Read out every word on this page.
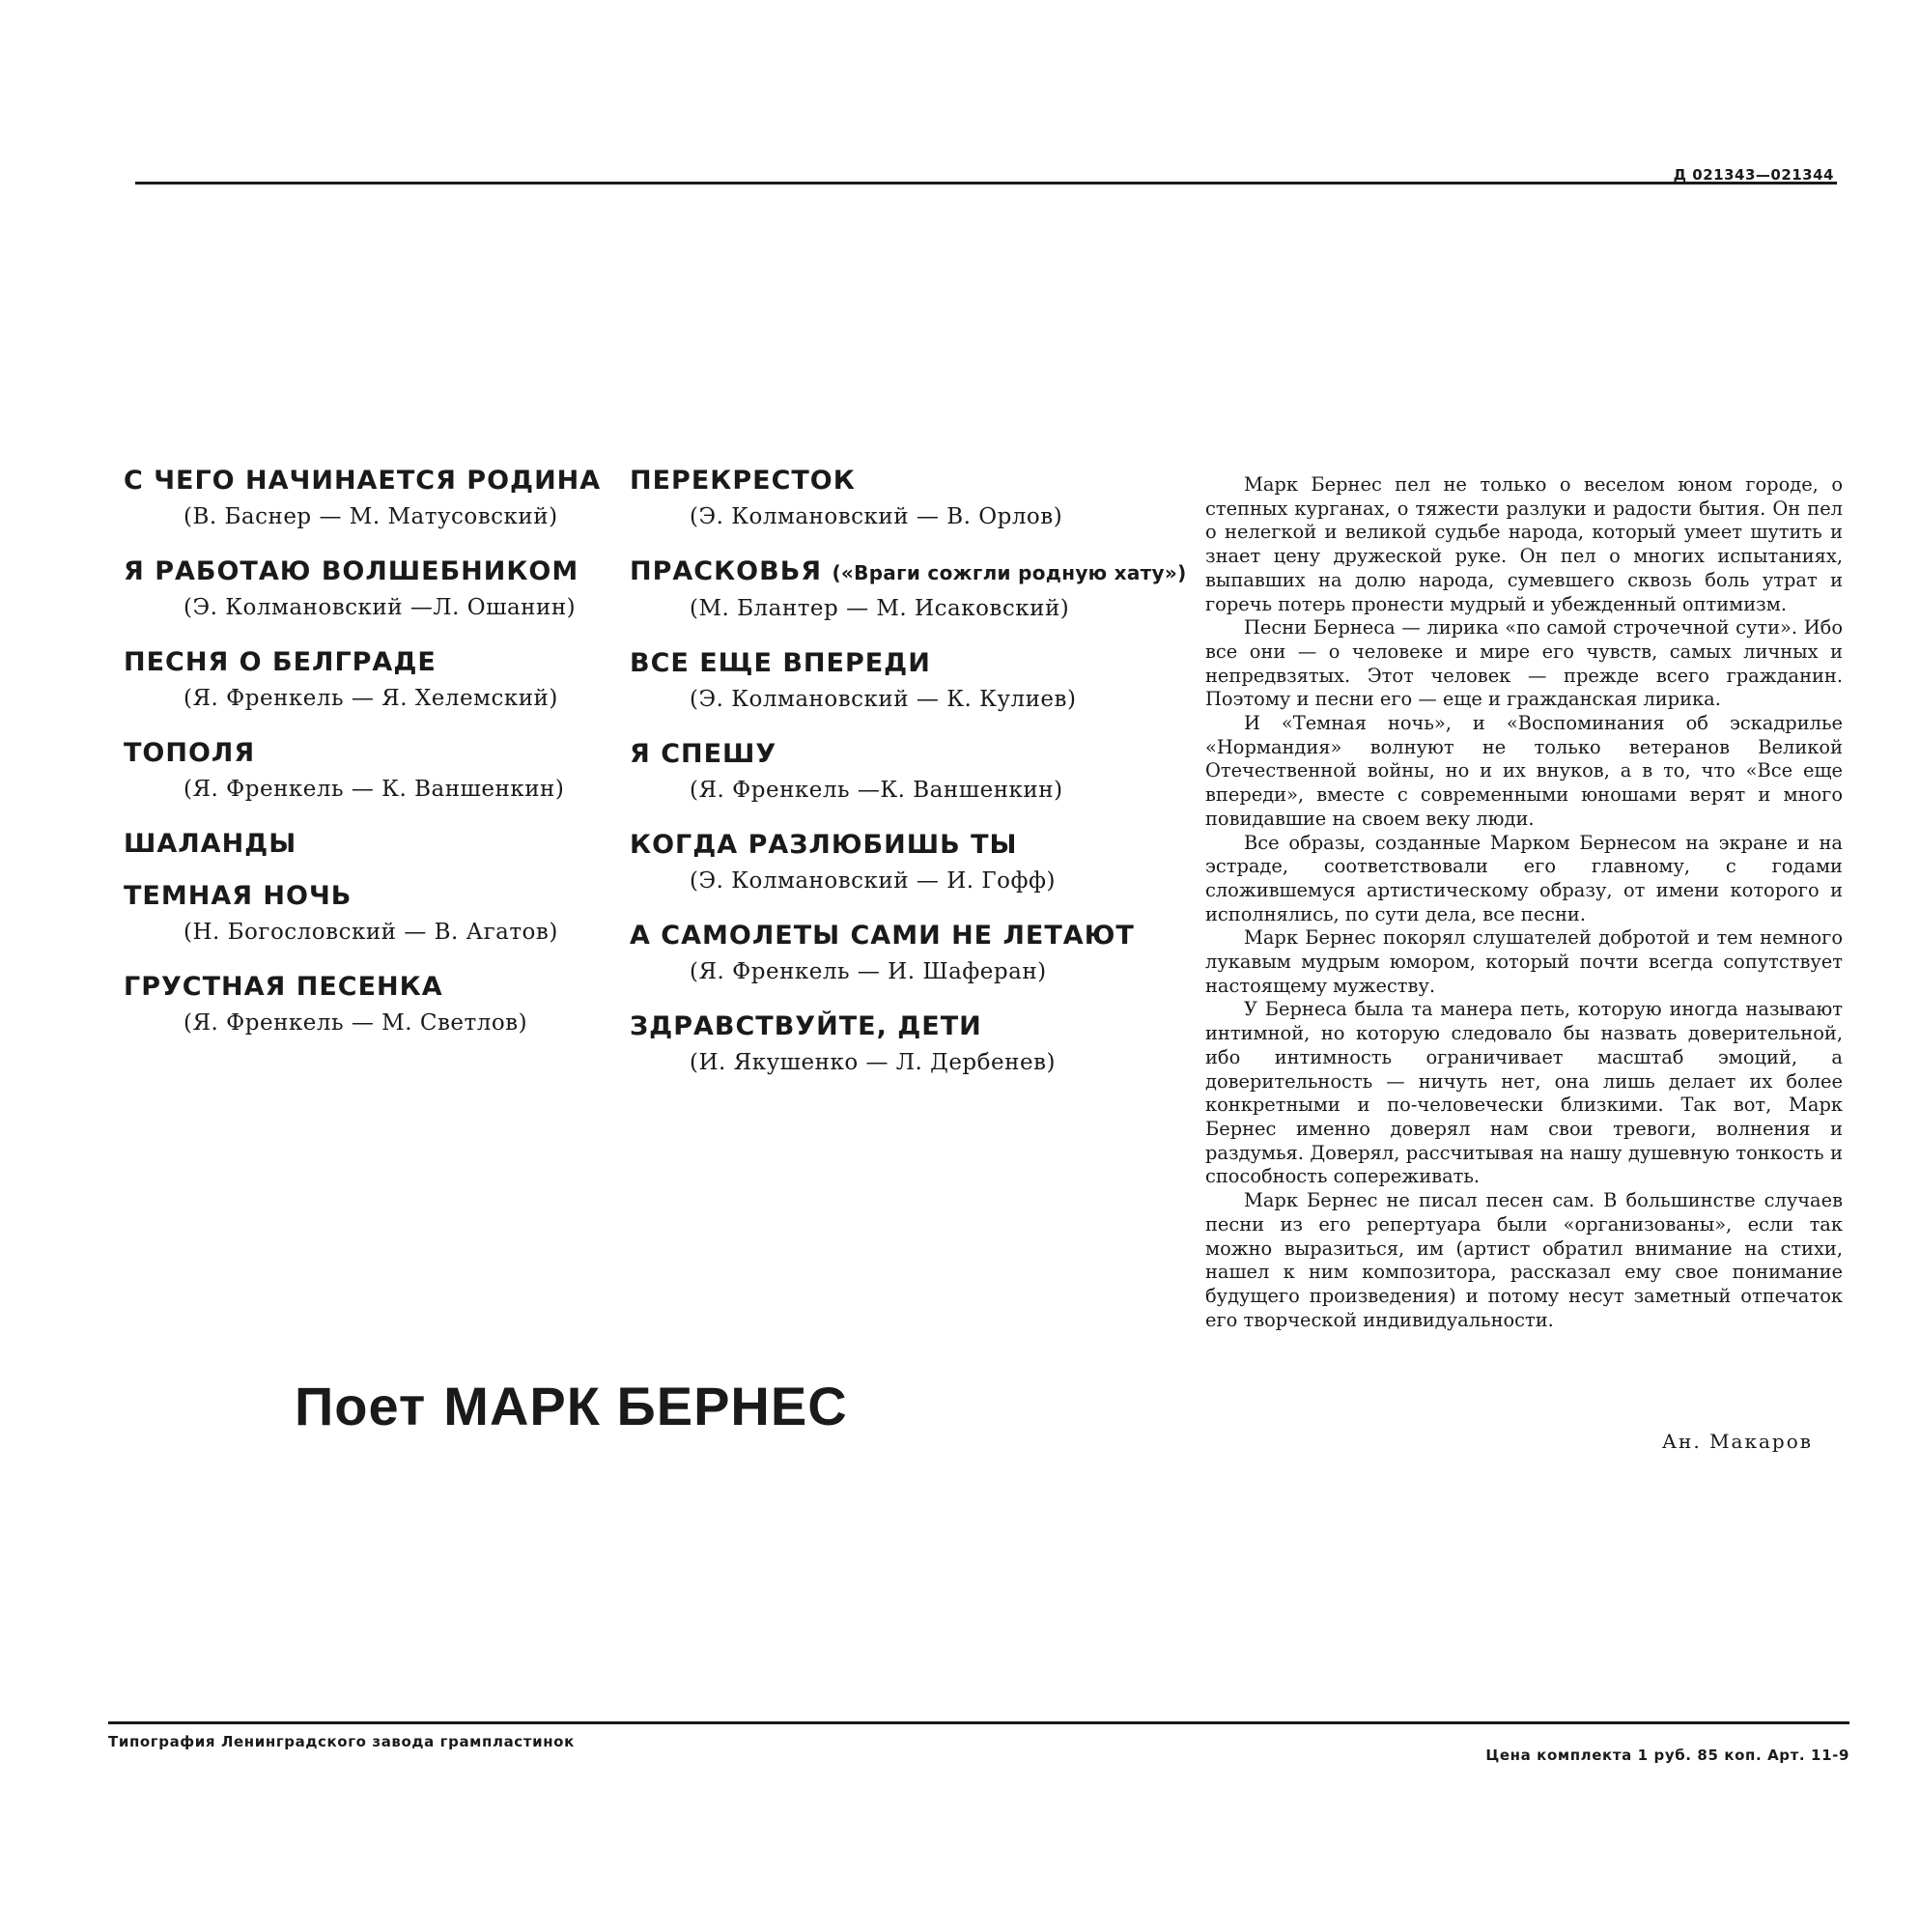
Д 021343—021344
С ЧЕГО НАЧИНАЕТСЯ РОДИНА
(В. Баснер — М. Матусовский)
Я РАБОТАЮ ВОЛШЕБНИКОМ
(Э. Колмановский —Л. Ошанин)
ПЕСНЯ О БЕЛГРАДЕ
(Я. Френкель — Я. Хелемский)
ТОПОЛЯ
(Я. Френкель — К. Ваншенкин)
ШАЛАНДЫ
ТЕМНАЯ НОЧЬ
(Н. Богословский — В. Агатов)
ГРУСТНАЯ ПЕСЕНКА
(Я. Френкель — М. Светлов)
ПЕРЕКРЕСТОК
(Э. Колмановский — В. Орлов)
ПРАСКОВЬЯ («Враги сожгли родную хату»)
(М. Блантер — М. Исаковский)
ВСЕ ЕЩЕ ВПЕРЕДИ
(Э. Колмановский — К. Кулиев)
Я СПЕШУ
(Я. Френкель —К. Ваншенкин)
КОГДА РАЗЛЮБИШЬ ТЫ
(Э. Колмановский — И. Гофф)
А САМОЛЕТЫ САМИ НЕ ЛЕТАЮТ
(Я. Френкель — И. Шаферан)
ЗДРАВСТВУЙТЕ, ДЕТИ
(И. Якушенко — Л. Дербенев)
Поет МАРК БЕРНЕС

Марк Бернес пел не только о веселом юном городе, о степных курганах, о тяжести разлуки и радости бытия. Он пел о нелегкой и великой судьбе народа, который умеет шутить и знает цену дружеской руке. Он пел о многих испытаниях, выпавших на долю народа, сумевшего сквозь боль утрат и горечь потерь пронести мудрый и убежденный оптимизм.

Песни Бернеса — лирика «по самой строчечной сути». Ибо все они — о человеке и мире его чувств, самых личных и непредвзятых. Этот человек — прежде всего гражданин. Поэтому и песни его — еще и гражданская лирика.

И «Темная ночь», и «Воспоминания об эскадрилье «Нормандия» волнуют не только ветеранов Великой Отечественной войны, но и их внуков, а в то, что «Все еще впереди», вместе с современными юношами верят и много повидавшие на своем веку люди.

Все образы, созданные Марком Бернесом на экране и на эстраде, соответствовали его главному, с годами сложившемуся артистическому образу, от имени которого и исполнялись, по сути дела, все песни.

Марк Бернес покорял слушателей добротой и тем немного лукавым мудрым юмором, который почти всегда сопутствует настоящему мужеству.

У Бернеса была та манера петь, которую иногда называют интимной, но которую следовало бы назвать доверительной, ибо интимность ограничивает масштаб эмоций, а доверительность — ничуть нет, она лишь делает их более конкретными и по-человечески близкими. Так вот, Марк Бернес именно доверял нам свои тревоги, волнения и раздумья. Доверял, рассчитывая на нашу душевную тонкость и способность сопереживать.

Марк Бернес не писал песен сам. В большинстве случаев песни из его репертуара были «организованы», если так можно выразиться, им (артист обратил внимание на стихи, нашел к ним композитора, рассказал ему свое понимание будущего произведения) и потому несут заметный отпечаток его творческой индивидуальности.

Ан. Макаров
Типография Ленинградского завода грампластинок
Цена комплекта 1 руб. 85 коп. Арт. 11-9
